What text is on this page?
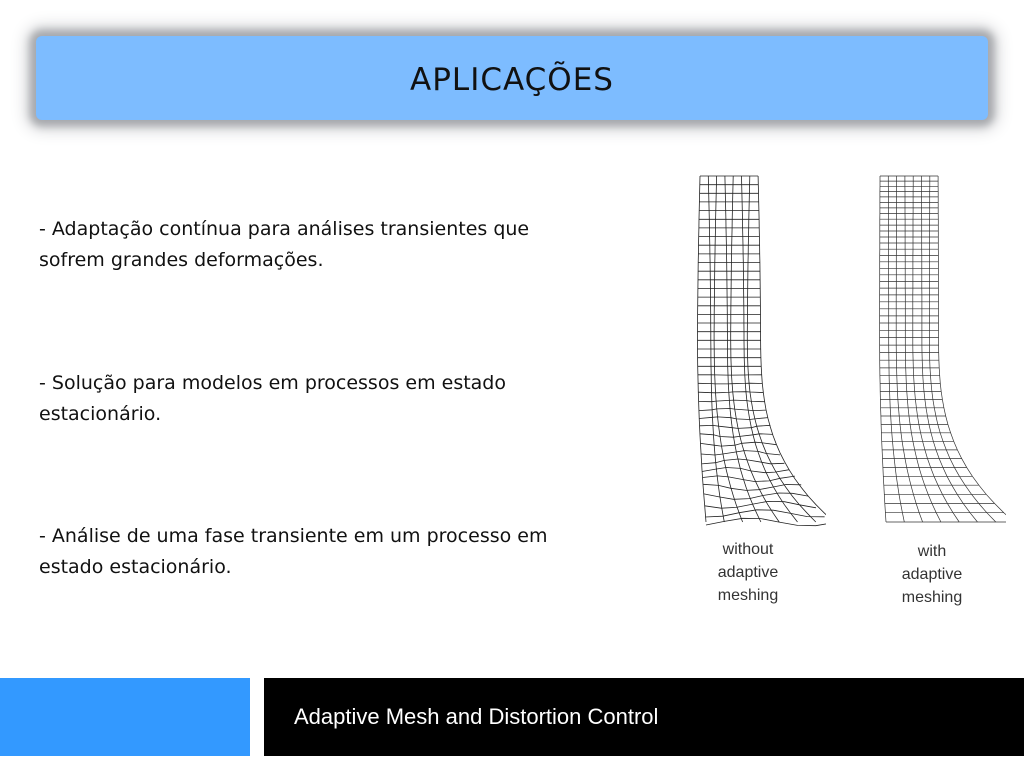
APLICAÇÕES
- Adaptação contínua para análises transientes que sofrem grandes deformações.
- Solução para modelos em processos em estado estacionário.
- Análise de uma fase transiente em um processo em estado estacionário.
without
adaptive
meshing
with
adaptive
meshing
Adaptive Mesh and Distortion Control
